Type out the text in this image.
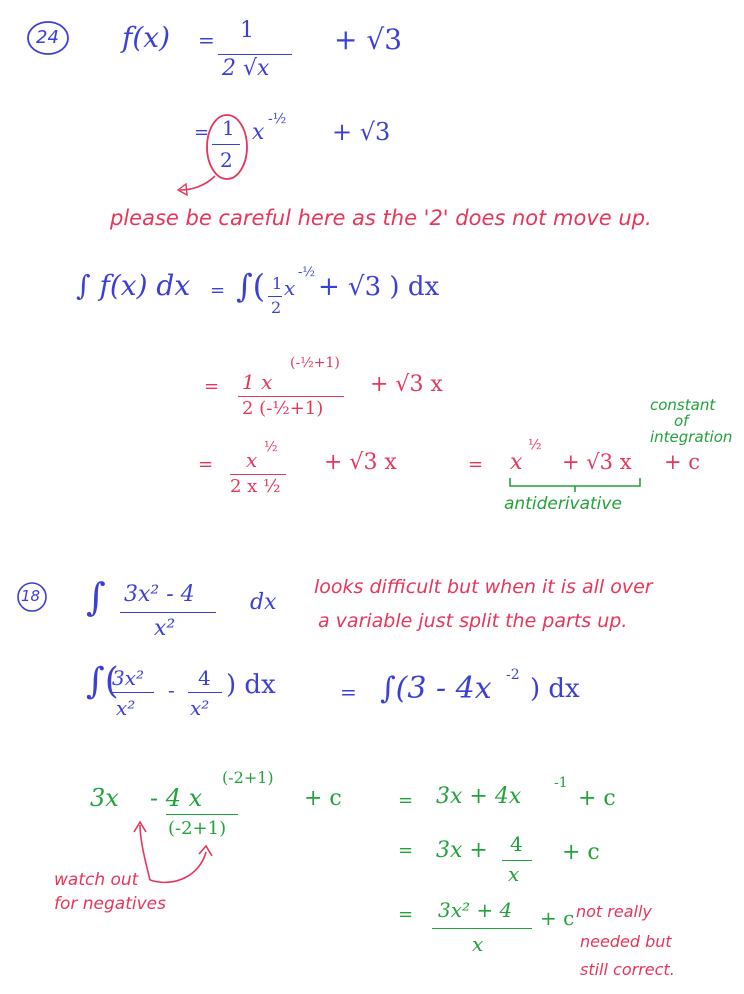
24 f(x) = 1
2 √x
+ √3
= 1
2
x
-½ + √3
please be careful here as the '2' does not move up.
∫ f(x) dx = ∫( 1
2
x
-½ + √3 ) dx
= 1 x
(-½+1)
2 (-½+1)
+ √3 x
= x
½
2 x ½
+ √3 x	= x
½
+ √3 x + c
constant
of
integration
antiderivative
18 ∫ 3x² - 4
x²
dx
looks difficult but when it is all over
a variable just split the parts up.
∫(
3x²
x²
- 4
x²
) dx	= ∫(3 - 4x -2 ) dx
3x - 4 x
(-2+1)
(-2+1)
+ c	= 3x + 4x
-1
+ c
= 3x + 4
x
+ c
= 3x² + 4
x
+ c
watch out
for negatives	not really
needed but
still correct.
